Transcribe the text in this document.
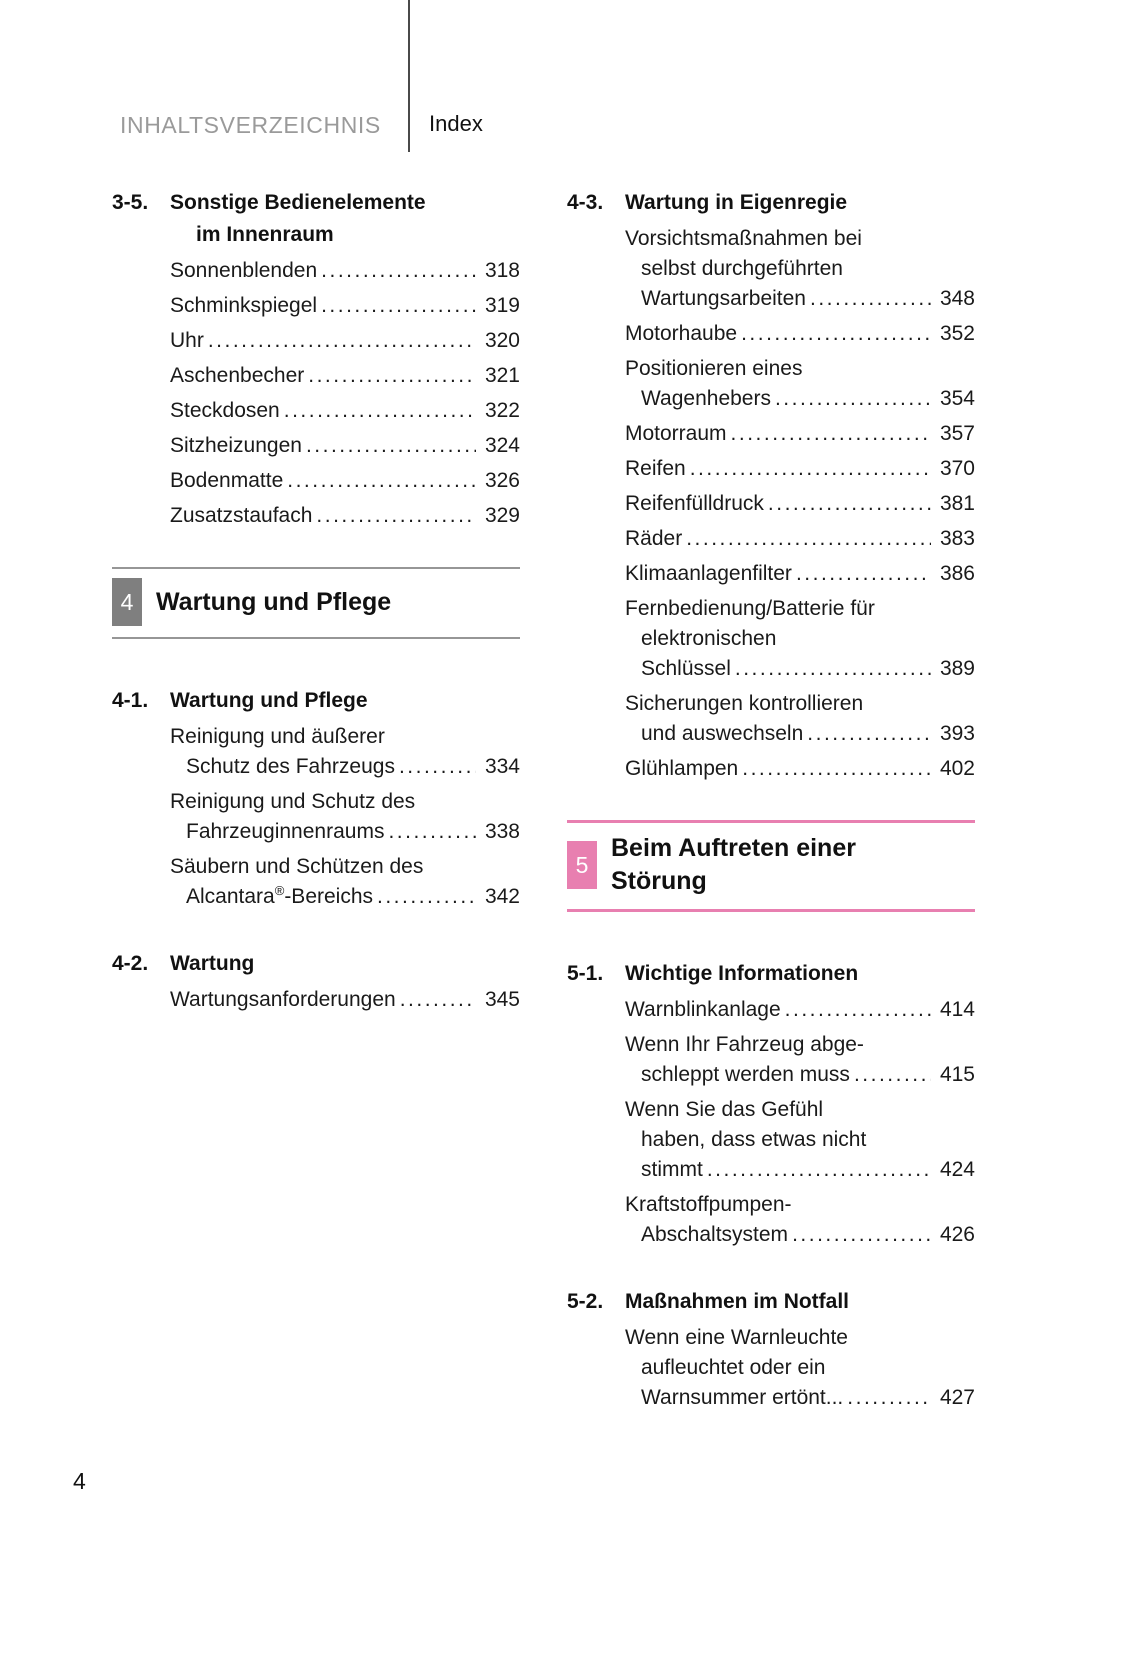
INHALTSVERZEICHNIS Index
3-5.	Sonstige Bedienelemente
im Innenraum
Sonnenblenden .....	318
Schminkspiegel .....	319
Uhr .....	320
Aschenbecher .....	321
Steckdosen .....	322
Sitzheizungen .....	324
Bodenmatte .....	326
Zusatzstaufach .....	329
4 Wartung und Pflege
4-1.	Wartung und Pflege
Reinigung und äußerer
Schutz des Fahrzeugs .....	334
Reinigung und Schutz des
Fahrzeuginnenraums .....	338
Säubern und Schützen des
Alcantara®-Bereichs .....	342
4-2.	Wartung
Wartungsanforderungen .....	345
4-3.	Wartung in Eigenregie
Vorsichtsmaßnahmen bei
selbst durchgeführten
Wartungsarbeiten .....	348
Motorhaube .....	352
Positionieren eines
Wagenhebers .....	354
Motorraum .....	357
Reifen .....	370
Reifenfülldruck .....	381
Räder .....	383
Klimaanlagenfilter .....	386
Fernbedienung/Batterie für
elektronischen
Schlüssel .....	389
Sicherungen kontrollieren
und auswechseln .....	393
Glühlampen .....	402
5
Beim Auftreten einer
Störung
5-1.	Wichtige Informationen
Warnblinkanlage .....	414
Wenn Ihr Fahrzeug abge-
schleppt werden muss .....	415
Wenn Sie das Gefühl
haben, dass etwas nicht
stimmt .....	424
Kraftstoffpumpen-
Abschaltsystem .....	426
5-2.	Maßnahmen im Notfall
Wenn eine Warnleuchte
aufleuchtet oder ein
Warnsummer ertönt... .....	427
4
